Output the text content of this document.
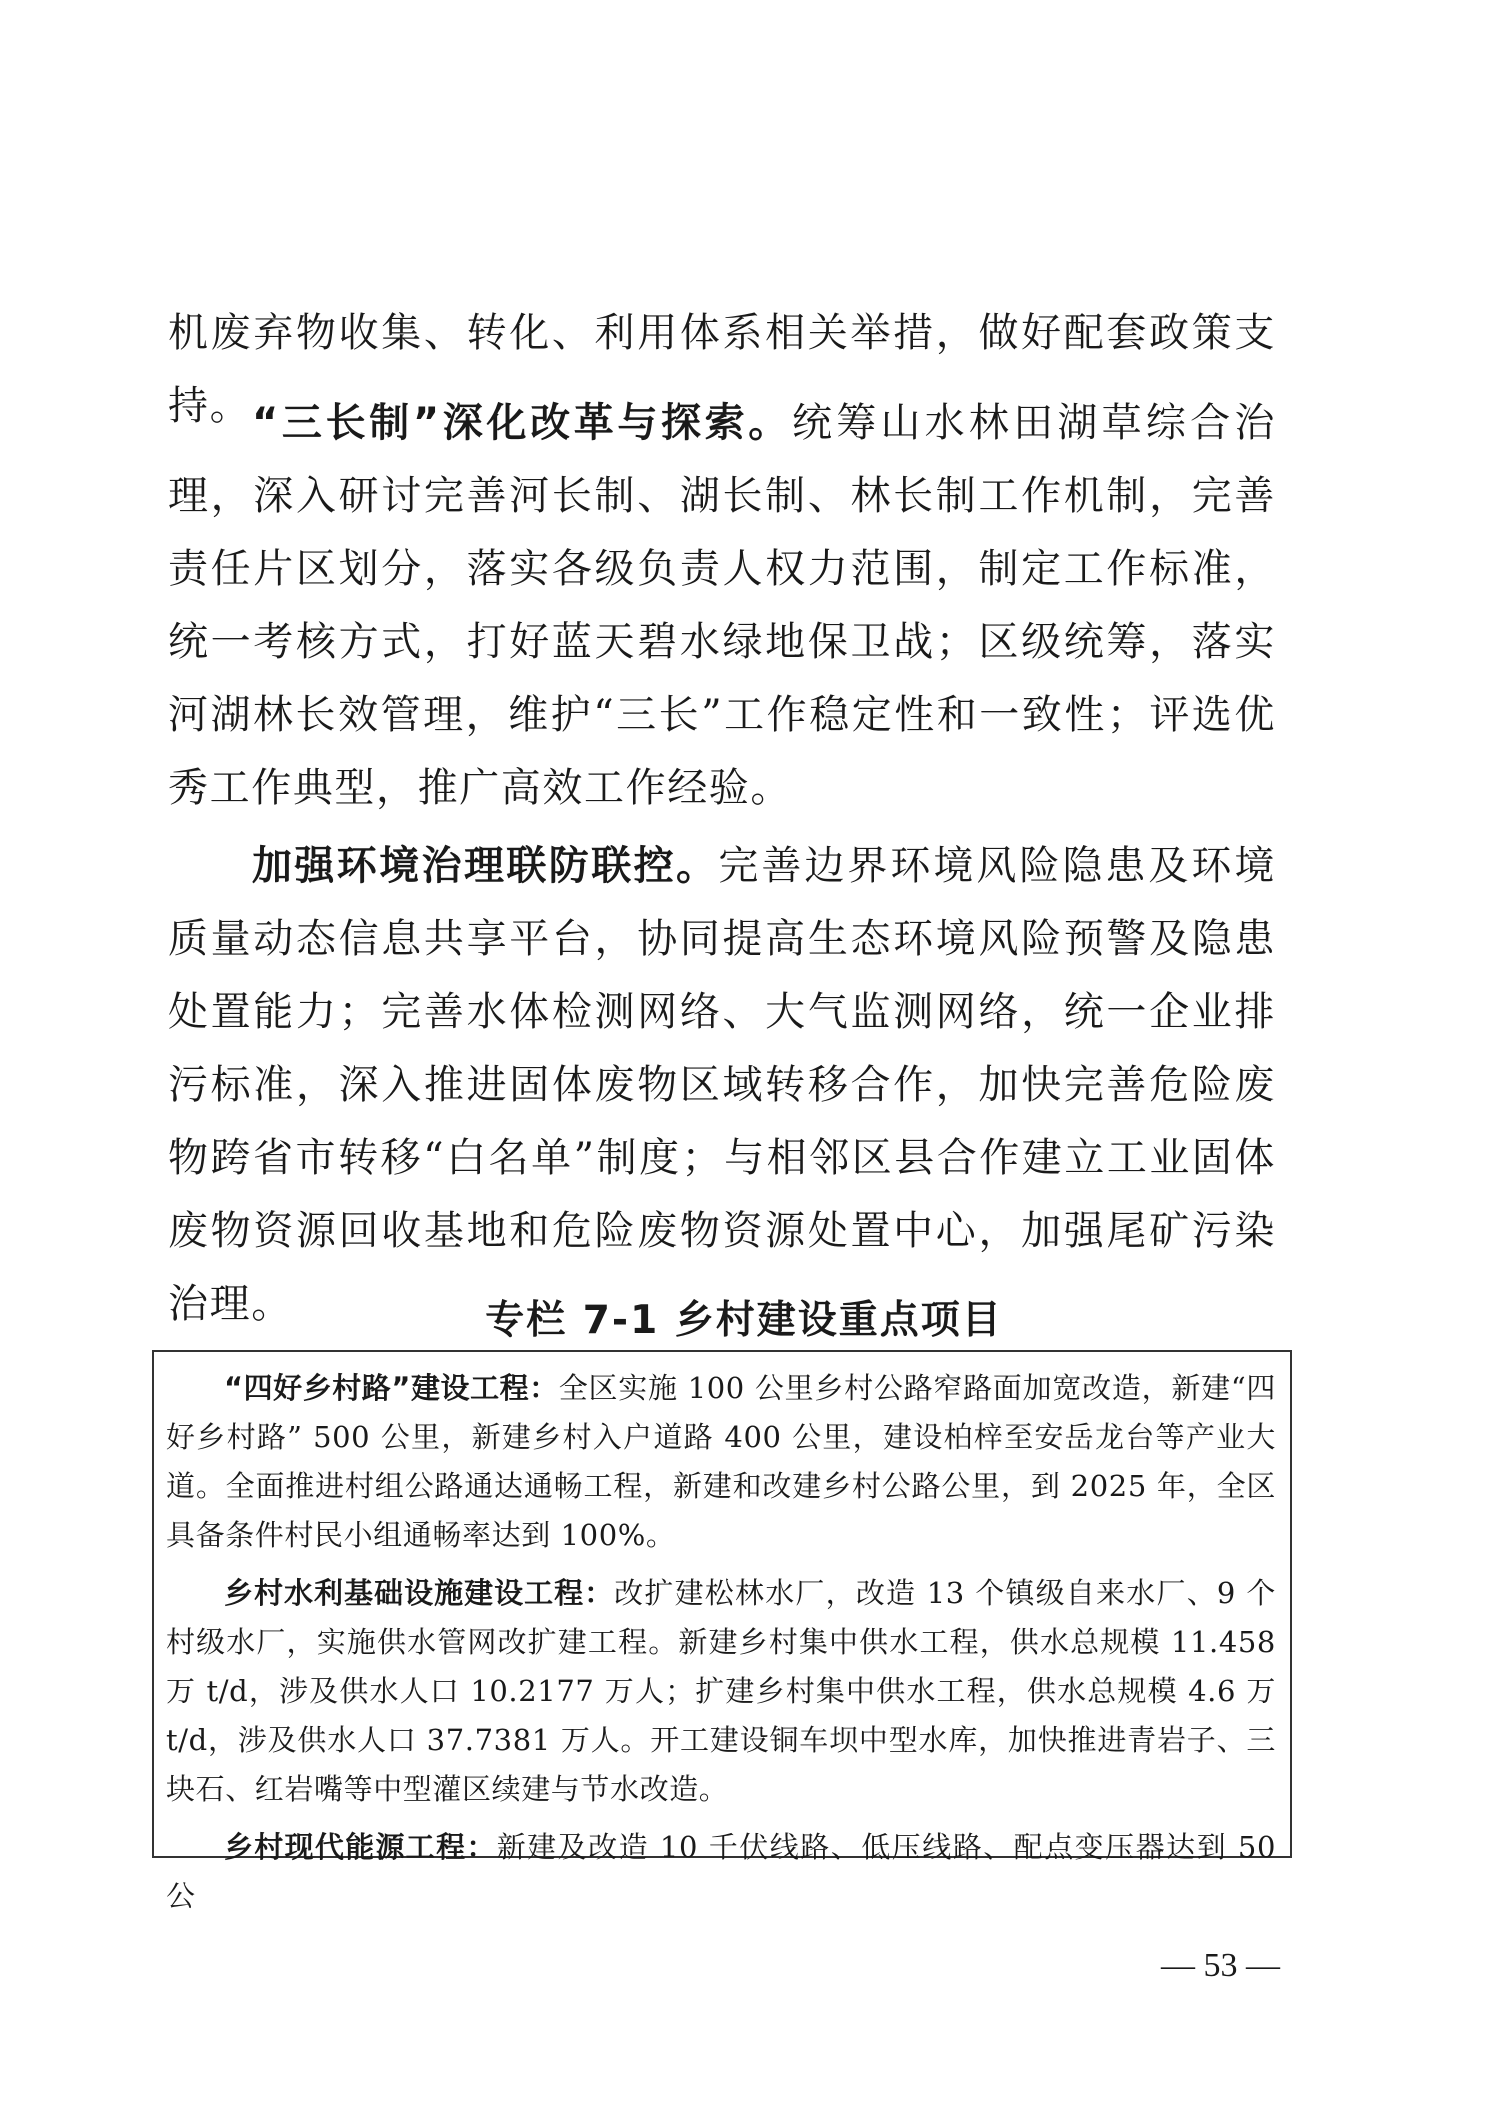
机废弃物收集、转化、利用体系相关举措，做好配套政策支持。 “三长制”深化改革与探索。统筹山水林田湖草综合治理，深入研讨完善河长制、湖长制、林长制工作机制，完善责任片区划分，落实各级负责人权力范围，制定工作标准，统一考核方式，打好蓝天碧水绿地保卫战；区级统筹，落实河湖林长效管理，维护“三长”工作稳定性和一致性；评选优秀工作典型，推广高效工作经验。

加强环境治理联防联控。完善边界环境风险隐患及环境质量动态信息共享平台，协同提高生态环境风险预警及隐患处置能力；完善水体检测网络、大气监测网络，统一企业排污标准，深入推进固体废物区域转移合作，加快完善危险废物跨省市转移“白名单”制度；与相邻区县合作建立工业固体废物资源回收基地和危险废物资源处置中心，加强尾矿污染治理。	专栏 7-1 乡村建设重点项目

“四好乡村路”建设工程：全区实施 100 公里乡村公路窄路面加宽改造，新建“四好乡村路” 500 公里，新建乡村入户道路 400 公里，建设柏梓至安岳龙台等产业大道。全面推进村组公路通达通畅工程，新建和改建乡村公路公里，到 2025 年，全区具备条件村民小组通畅率达到 100%。

乡村水利基础设施建设工程：改扩建松林水厂，改造 13 个镇级自来水厂、9 个村级水厂，实施供水管网改扩建工程。新建乡村集中供水工程，供水总规模 11.458 万 t/d，涉及供水人口 10.2177 万人；扩建乡村集中供水工程，供水总规模 4.6 万 t/d，涉及供水人口 37.7381 万人。开工建设铜车坝中型水库，加快推进青岩子、三块石、红岩嘴等中型灌区续建与节水改造。

乡村现代能源工程：新建及改造 10 千伏线路、低压线路、配点变压器达到 50 公

— 53 —
